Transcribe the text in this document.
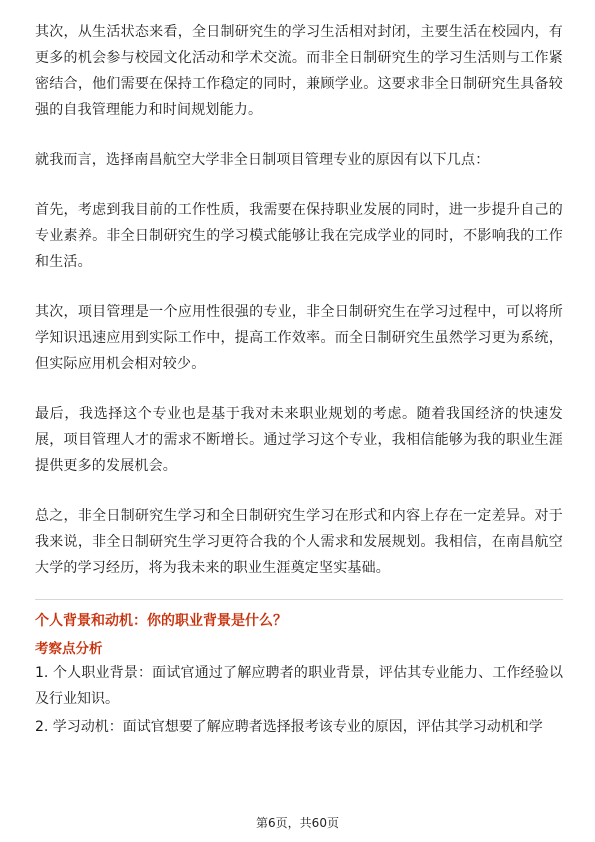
其次，从生活状态来看，全日制研究生的学习生活相对封闭，主要生活在校园内，有更多的机会参与校园文化活动和学术交流。而非全日制研究生的学习生活则与工作紧密结合，他们需要在保持工作稳定的同时，兼顾学业。这要求非全日制研究生具备较强的自我管理能力和时间规划能力。

就我而言，选择南昌航空大学非全日制项目管理专业的原因有以下几点：

首先，考虑到我目前的工作性质，我需要在保持职业发展的同时，进一步提升自己的专业素养。非全日制研究生的学习模式能够让我在完成学业的同时，不影响我的工作和生活。

其次，项目管理是一个应用性很强的专业，非全日制研究生在学习过程中，可以将所学知识迅速应用到实际工作中，提高工作效率。而全日制研究生虽然学习更为系统，但实际应用机会相对较少。

最后，我选择这个专业也是基于我对未来职业规划的考虑。随着我国经济的快速发展，项目管理人才的需求不断增长。通过学习这个专业，我相信能够为我的职业生涯提供更多的发展机会。

总之，非全日制研究生学习和全日制研究生学习在形式和内容上存在一定差异。对于我来说，非全日制研究生学习更符合我的个人需求和发展规划。我相信，在南昌航空大学的学习经历，将为我未来的职业生涯奠定坚实基础。

个人背景和动机：你的职业背景是什么？

考察点分析

1. 个人职业背景：面试官通过了解应聘者的职业背景，评估其专业能力、工作经验以及行业知识。

2. 学习动机：面试官想要了解应聘者选择报考该专业的原因，评估其学习动机和学

第6页，共60页
